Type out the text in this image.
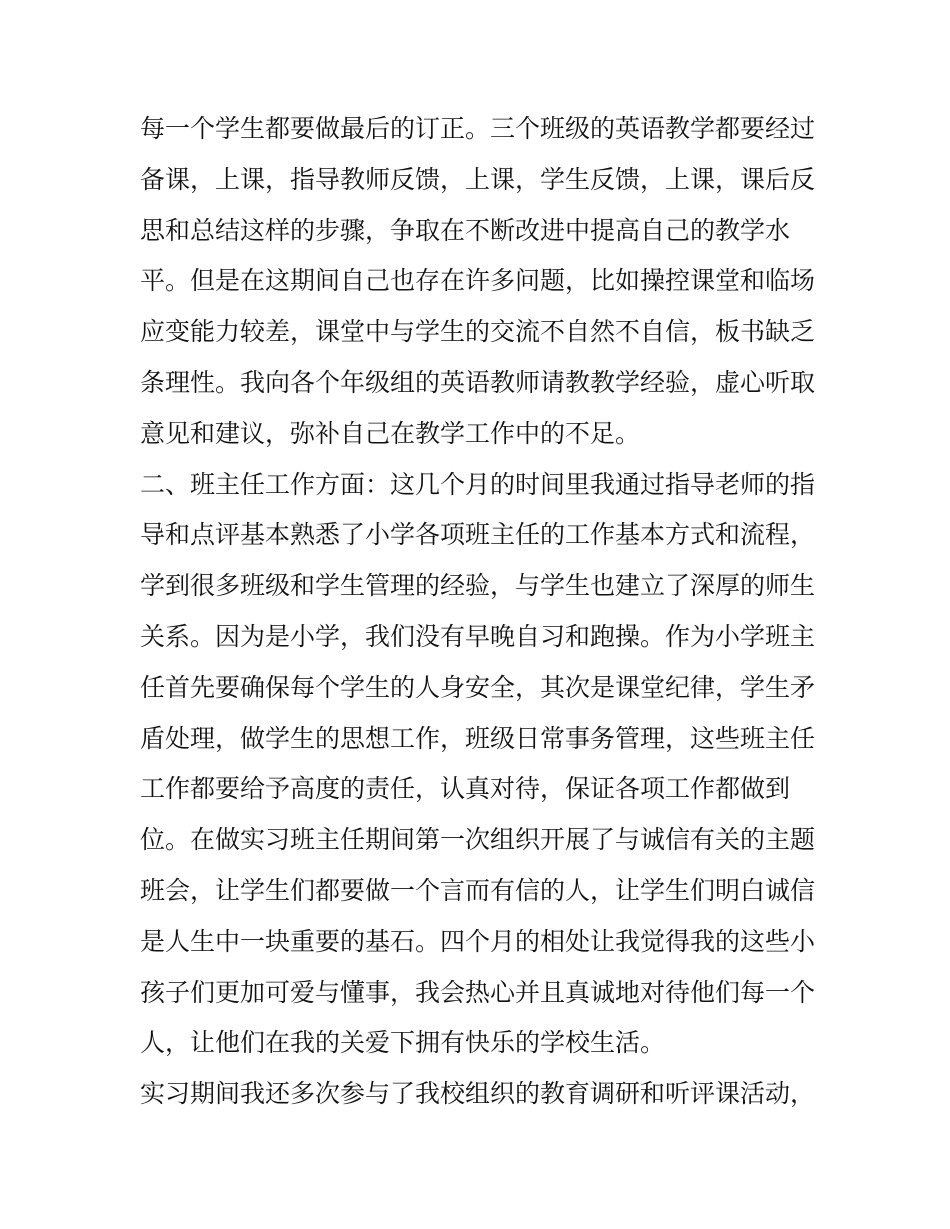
每一个学生都要做最后的订正。三个班级的英语教学都要经过
备课，上课，指导教师反馈，上课，学生反馈，上课，课后反
思和总结这样的步骤，争取在不断改进中提高自己的教学水
平。但是在这期间自己也存在许多问题，比如操控课堂和临场
应变能力较差，课堂中与学生的交流不自然不自信，板书缺乏
条理性。我向各个年级组的英语教师请教教学经验，虚心听取
意见和建议，弥补自己在教学工作中的不足。
二、班主任工作方面：这几个月的时间里我通过指导老师的指
导和点评基本熟悉了小学各项班主任的工作基本方式和流程，
学到很多班级和学生管理的经验，与学生也建立了深厚的师生
关系。因为是小学，我们没有早晚自习和跑操。作为小学班主
任首先要确保每个学生的人身安全，其次是课堂纪律，学生矛
盾处理，做学生的思想工作，班级日常事务管理，这些班主任
工作都要给予高度的责任，认真对待，保证各项工作都做到
位。在做实习班主任期间第一次组织开展了与诚信有关的主题
班会，让学生们都要做一个言而有信的人，让学生们明白诚信
是人生中一块重要的基石。四个月的相处让我觉得我的这些小
孩子们更加可爱与懂事，我会热心并且真诚地对待他们每一个
人，让他们在我的关爱下拥有快乐的学校生活。
实习期间我还多次参与了我校组织的教育调研和听评课活动，
